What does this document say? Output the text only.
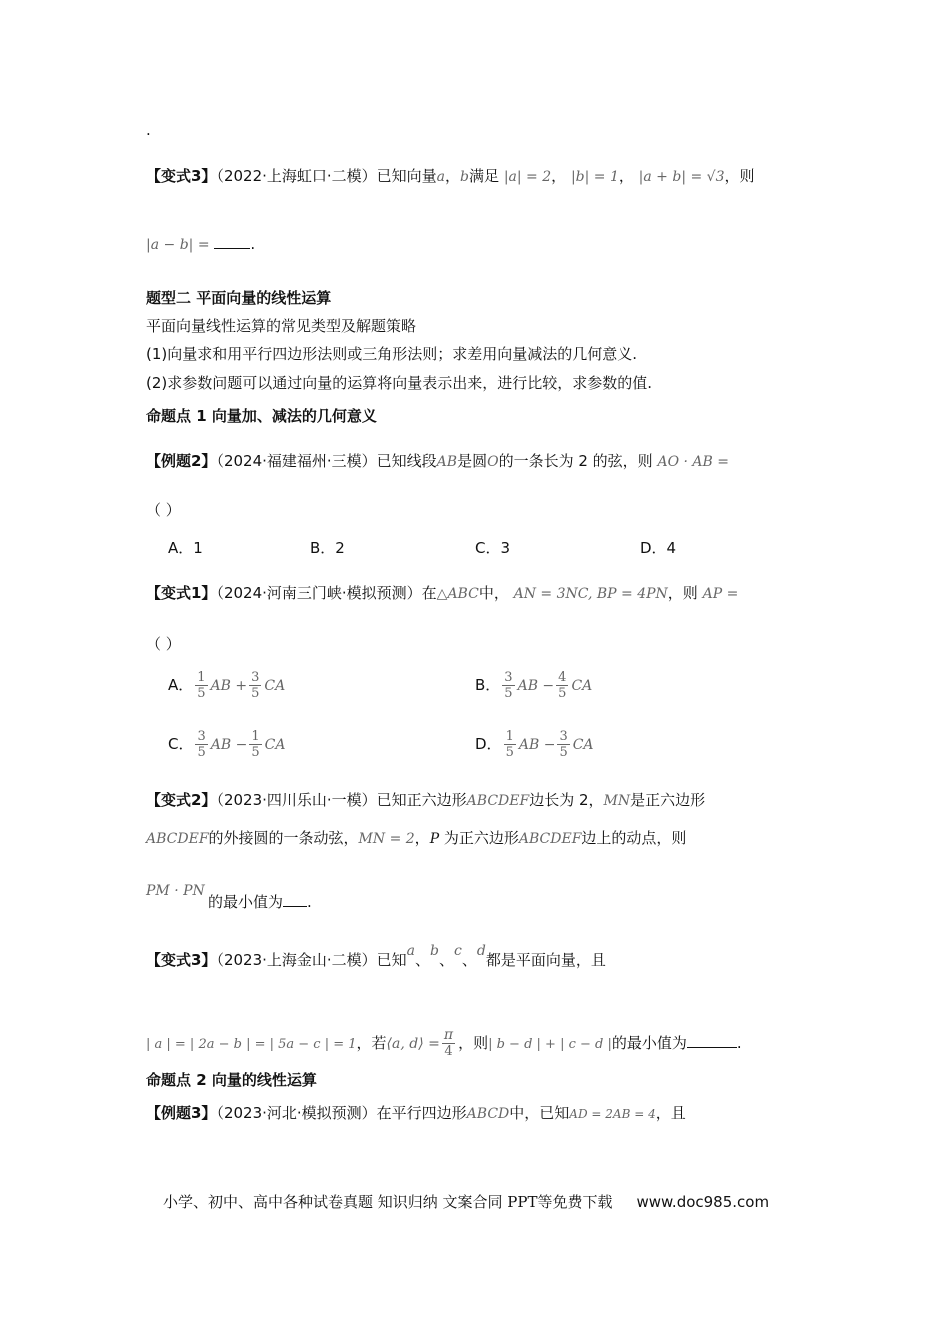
.
【变式3】（2022·上海虹口·二模）已知向量a，b满足 |a| = 2， |b| = 1， |a + b| = √3，则
|a − b| =	.
题型二 平面向量的线性运算
平面向量线性运算的常见类型及解题策略
(1)向量求和用平行四边形法则或三角形法则；求差用向量减法的几何意义.
(2)求参数问题可以通过向量的运算将向量表示出来，进行比较，求参数的值.
命题点 1 向量加、减法的几何意义
【例题2】（2024·福建福州·三模）已知线段AB是圆O的一条长为 2 的弦，则 AO · AB =
（ ）
A．1	B．2	C．3	D．4
【变式1】（2024·河南三门峡·模拟预测）在△ABC中， AN = 3NC, BP = 4PN，则 AP =
（ ）
A． $\frac{1}{5}$ AB + $\frac{3}{5}$ CA	B． $\frac{3}{5}$ AB − $\frac{4}{5}$ CA
C． $\frac{3}{5}$ AB − $\frac{1}{5}$ CA	D． $\frac{1}{5}$ AB − $\frac{3}{5}$ CA
【变式2】（2023·四川乐山·一模）已知正六边形ABCDEF边长为 2，MN是正六边形
ABCDEF的外接圆的一条动弦，MN = 2，P 为正六边形ABCDEF边上的动点，则
PM · PN
的最小值为 .
【变式3】（2023·上海金山·二模）已知a、b、c、d都是平面向量，且
| a | = | 2a − b | = | 5a − c | = 1，若⟨a, d⟩ = $\frac{\pi}{4}$ ，则| b − d | + | c − d |的最小值为	.
命题点 2 向量的线性运算
【例题3】（2023·河北·模拟预测）在平行四边形ABCD中，已知AD = 2AB = 4，且
小学、初中、高中各种试卷真题 知识归纳 文案合同 PPT等免费下载 www.doc985.com
